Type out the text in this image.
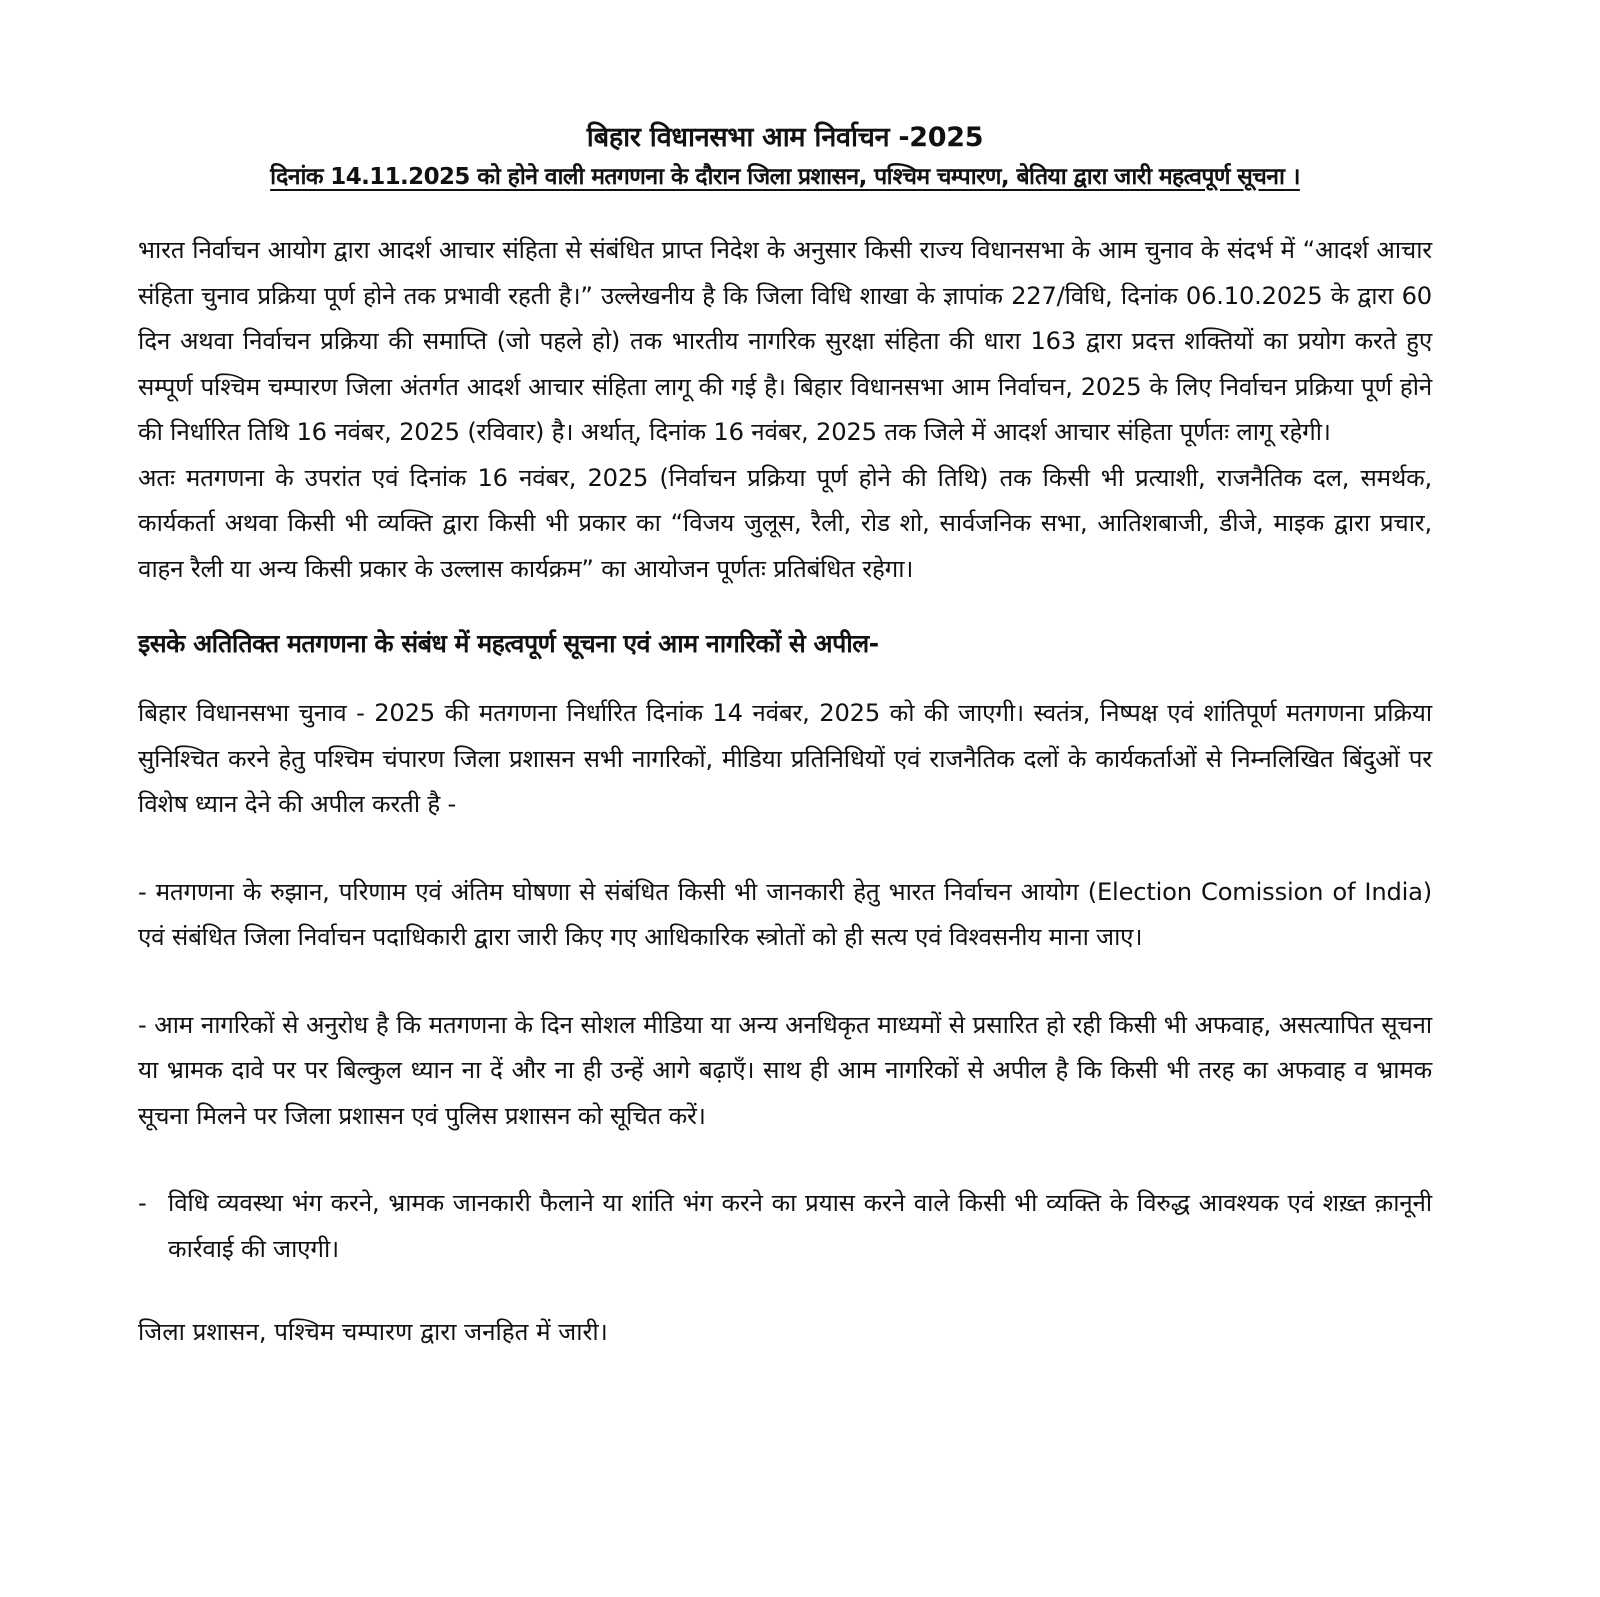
बिहार विधानसभा आम निर्वाचन -2025
दिनांक 14.11.2025 को होने वाली मतगणना के दौरान जिला प्रशासन, पश्चिम चम्पारण, बेतिया द्वारा जारी महत्वपूर्ण सूचना ।

भारत निर्वाचन आयोग द्वारा आदर्श आचार संहिता से संबंधित प्राप्त निदेश के अनुसार किसी राज्य विधानसभा के आम चुनाव के संदर्भ में “आदर्श आचार संहिता चुनाव प्रक्रिया पूर्ण होने तक प्रभावी रहती है।” उल्लेखनीय है कि जिला विधि शाखा के ज्ञापांक 227/विधि, दिनांक 06.10.2025 के द्वारा 60 दिन अथवा निर्वाचन प्रक्रिया की समाप्ति (जो पहले हो) तक भारतीय नागरिक सुरक्षा संहिता की धारा 163 द्वारा प्रदत्त शक्तियों का प्रयोग करते हुए सम्पूर्ण पश्चिम चम्पारण जिला अंतर्गत आदर्श आचार संहिता लागू की गई है। बिहार विधानसभा आम निर्वाचन, 2025 के लिए निर्वाचन प्रक्रिया पूर्ण होने की निर्धारित तिथि 16 नवंबर, 2025 (रविवार) है। अर्थात्, दिनांक 16 नवंबर, 2025 तक जिले में आदर्श आचार संहिता पूर्णतः लागू रहेगी।

अतः मतगणना के उपरांत एवं दिनांक 16 नवंबर, 2025 (निर्वाचन प्रक्रिया पूर्ण होने की तिथि) तक किसी भी प्रत्याशी, राजनैतिक दल, समर्थक, कार्यकर्ता अथवा किसी भी व्यक्ति द्वारा किसी भी प्रकार का “विजय जुलूस, रैली, रोड शो, सार्वजनिक सभा, आतिशबाजी, डीजे, माइक द्वारा प्रचार, वाहन रैली या अन्य किसी प्रकार के उल्लास कार्यक्रम” का आयोजन पूर्णतः प्रतिबंधित रहेगा।

इसके अतितिक्त मतगणना के संबंध में महत्वपूर्ण सूचना एवं आम नागरिकों से अपील-

बिहार विधानसभा चुनाव - 2025 की मतगणना निर्धारित दिनांक 14 नवंबर, 2025 को की जाएगी। स्वतंत्र, निष्पक्ष एवं शांतिपूर्ण मतगणना प्रक्रिया सुनिश्चित करने हेतु पश्चिम चंपारण जिला प्रशासन सभी नागरिकों, मीडिया प्रतिनिधियों एवं राजनैतिक दलों के कार्यकर्ताओं से निम्नलिखित बिंदुओं पर विशेष ध्यान देने की अपील करती है -

- मतगणना के रुझान, परिणाम एवं अंतिम घोषणा से संबंधित किसी भी जानकारी हेतु भारत निर्वाचन आयोग (Election Comission of India) एवं संबंधित जिला निर्वाचन पदाधिकारी द्वारा जारी किए गए आधिकारिक स्त्रोतों को ही सत्य एवं विश्वसनीय माना जाए।

- आम नागरिकों से अनुरोध है कि मतगणना के दिन सोशल मीडिया या अन्य अनधिकृत माध्यमों से प्रसारित हो रही किसी भी अफवाह, असत्यापित सूचना या भ्रामक दावे पर पर बिल्कुल ध्यान ना दें और ना ही उन्हें आगे बढ़ाएँ। साथ ही आम नागरिकों से अपील है कि किसी भी तरह का अफवाह व भ्रामक सूचना मिलने पर जिला प्रशासन एवं पुलिस प्रशासन को सूचित करें।

- विधि व्यवस्था भंग करने, भ्रामक जानकारी फैलाने या शांति भंग करने का प्रयास करने वाले किसी भी व्यक्ति के विरुद्ध आवश्यक एवं शख़्त क़ानूनी कार्रवाई की जाएगी।

जिला प्रशासन, पश्चिम चम्पारण द्वारा जनहित में जारी।
